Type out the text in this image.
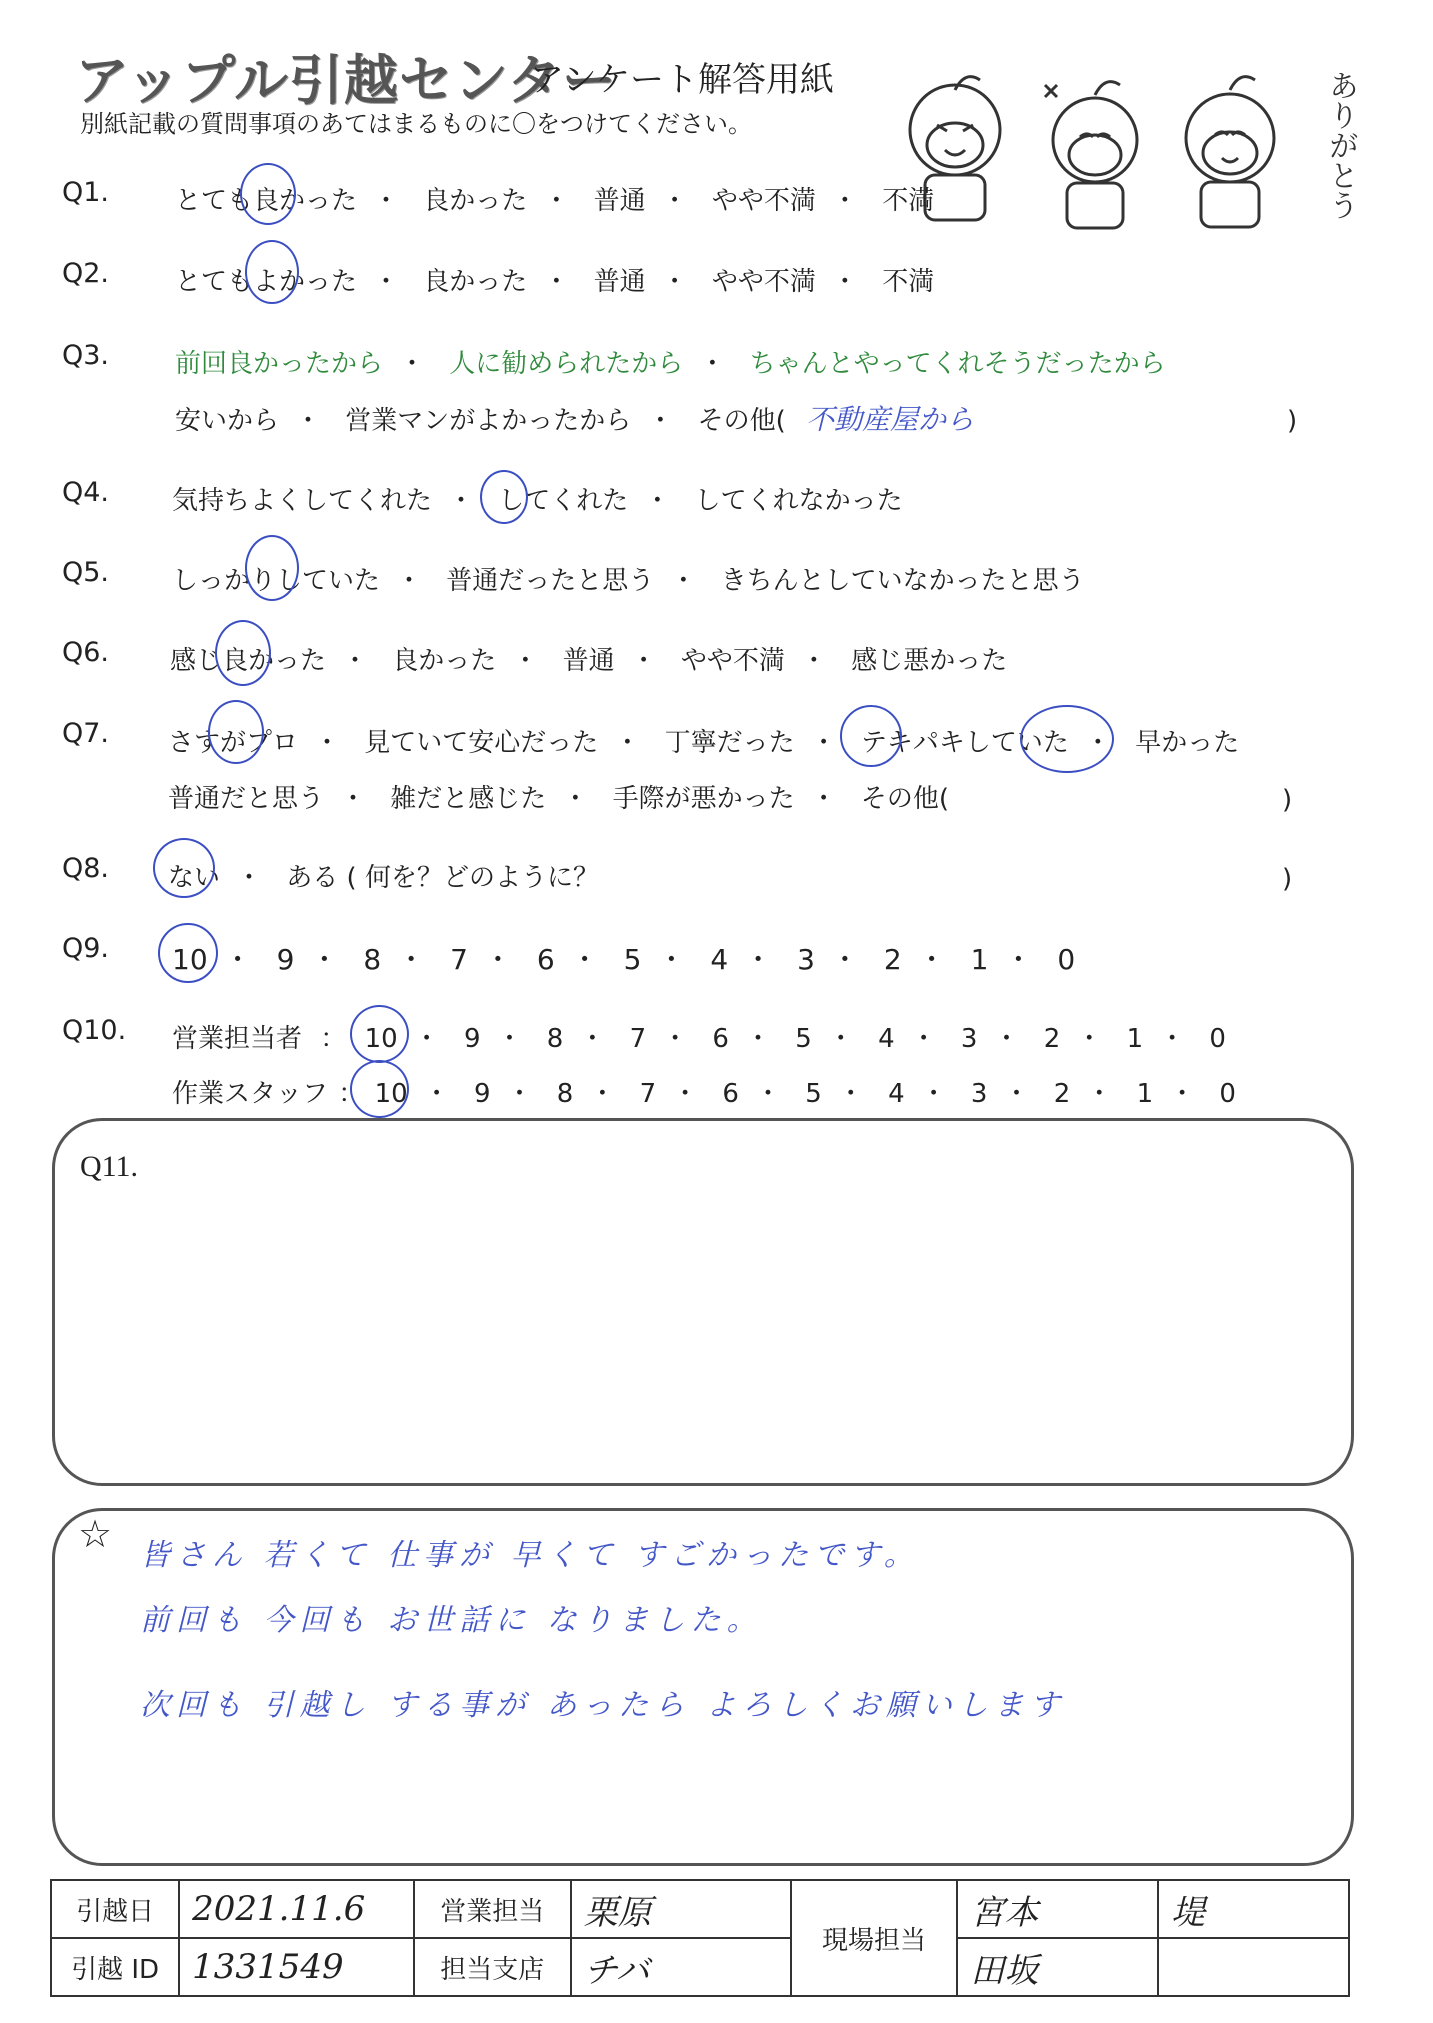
アップル引越センター
アンケート解答用紙
別紙記載の質問事項のあてはまるものに〇をつけてください。	ありがとう
Q1.	とても良かった ・ 良かった ・ 普通 ・ やや不満 ・ 不満
Q2.	とてもよかった ・ 良かった ・ 普通 ・ やや不満 ・ 不満
Q3.	前回良かったから ・ 人に勧められたから ・ ちゃんとやってくれそうだったから
安いから ・ 営業マンがよかったから ・ その他( 不動産屋から	)
Q4. 気持ちよくしてくれた ・ してくれた ・ してくれなかった
Q5. しっかりしていた ・ 普通だったと思う ・ きちんとしていなかったと思う
Q6. 感じ良かった ・ 良かった ・ 普通 ・ やや不満 ・ 感じ悪かった
Q7. さすがプロ ・ 見ていて安心だった ・ 丁寧だった ・ テキパキしていた ・ 早かった
普通だと思う ・ 雑だと感じた ・ 手際が悪かった ・ その他(	)
Q8. ない ・ ある ( 何を？どのように？	)
Q9. 10 ・ 9 ・ 8 ・ 7 ・ 6 ・ 5 ・ 4 ・ 3 ・ 2 ・ 1 ・ 0
Q10. 営業担当者 ： 10 ・ 9 ・ 8 ・ 7 ・ 6 ・ 5 ・ 4 ・ 3 ・ 2 ・ 1 ・ 0
作業スタッフ ： 10 ・ 9 ・ 8 ・ 7 ・ 6 ・ 5 ・ 4 ・ 3 ・ 2 ・ 1 ・ 0
Q11.
☆ 皆さん 若くて 仕事が 早くて すごかったです。
前回も 今回も お世話に なりました。
次回も 引越し する事が あったら よろしくお願いします
引越日	2021.11.6	営業担当	栗原	現場担当	宮本	堤
引越 ID	1331549	担当支店	チバ		田坂	
